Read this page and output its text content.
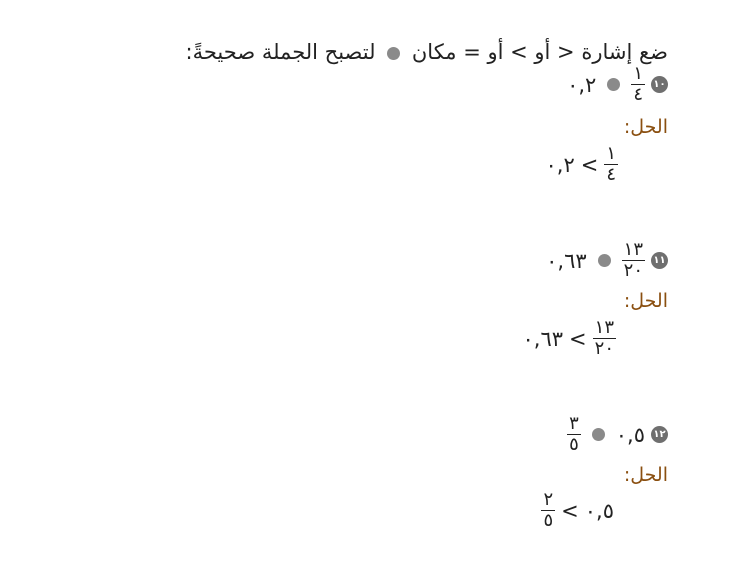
ضع إشارة < أو > أو = مكان  لتصبح الجملة صحيحةً:
١٠
$\frac{١}{٤}$
٠,٢
الحل:
$\frac{١}{٤}$
>
٠,٢
١١
$\frac{١٣}{٢٠}$
٠,٦٣
الحل:
$\frac{١٣}{٢٠}$
>
٠,٦٣
١٢
٠,٥
$\frac{٣}{٥}$
الحل:
٠,٥
>
$\frac{٢}{٥}$
